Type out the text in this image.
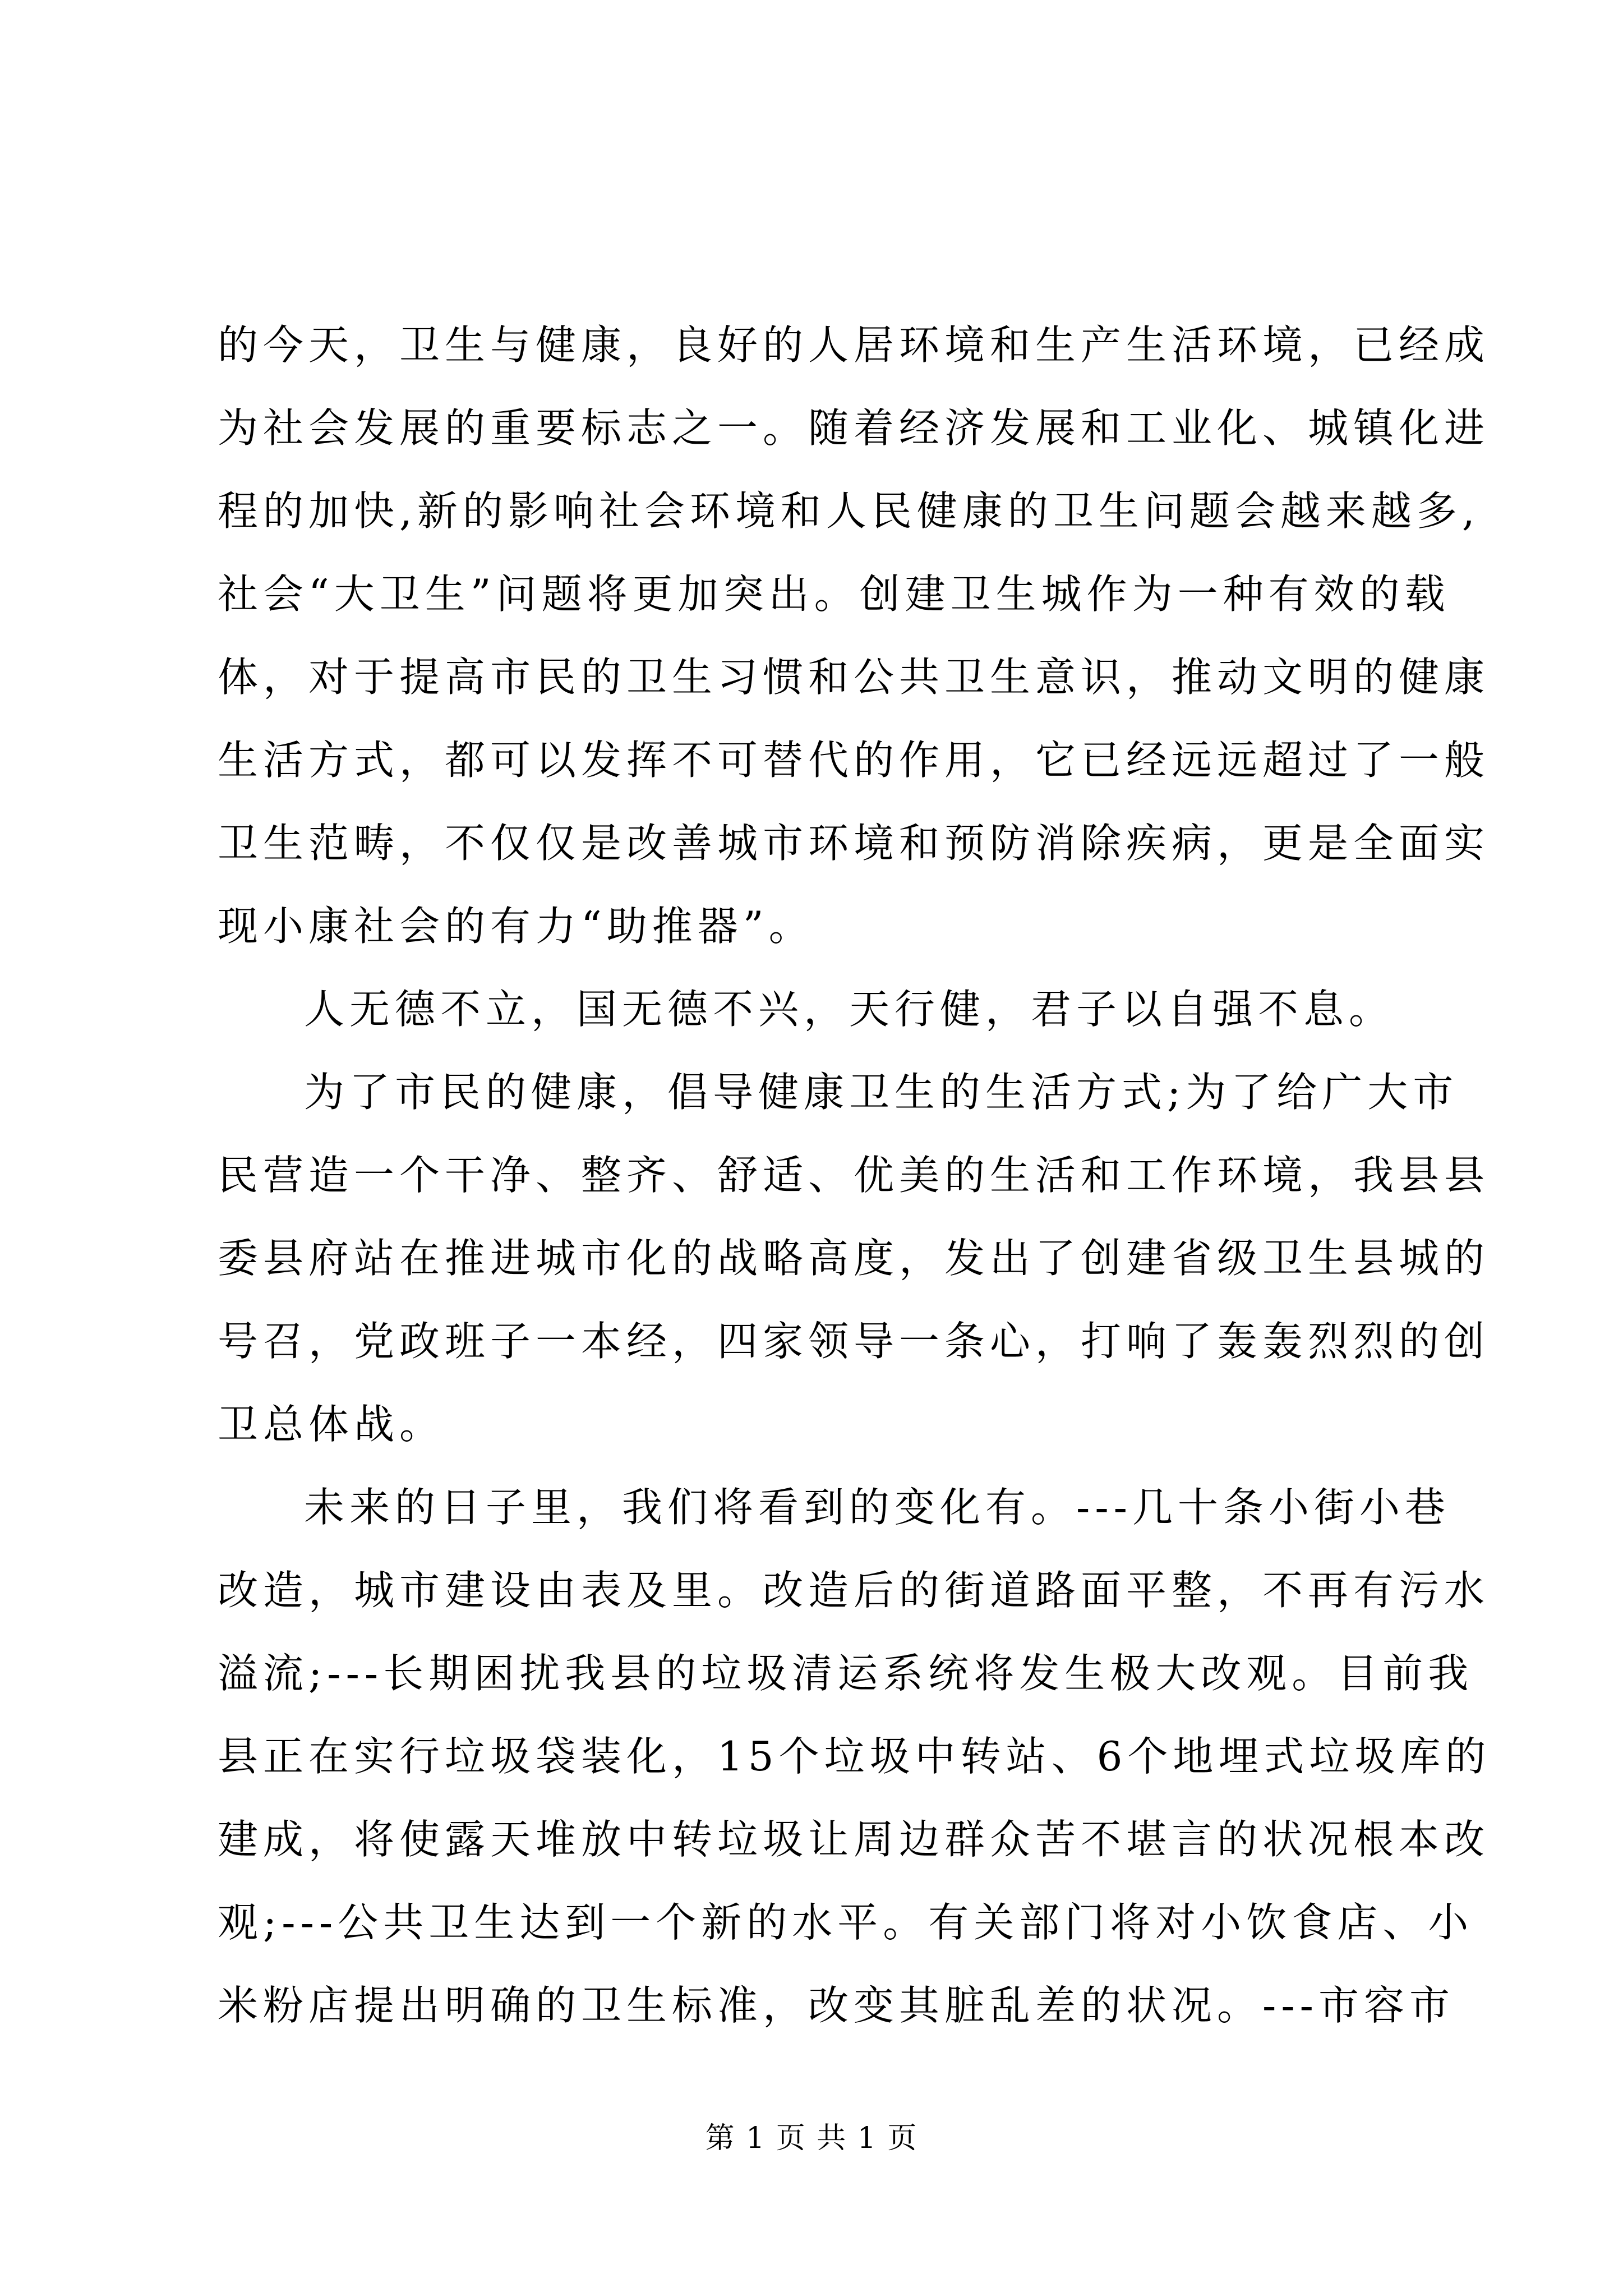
的今天，卫生与健康，良好的人居环境和生产生活环境，已经成
为社会发展的重要标志之一。随着经济发展和工业化、城镇化进
程的加快,新的影响社会环境和人民健康的卫生问题会越来越多,
社会“大卫生”问题将更加突出。创建卫生城作为一种有效的载
体，对于提高市民的卫生习惯和公共卫生意识，推动文明的健康
生活方式，都可以发挥不可替代的作用，它已经远远超过了一般
卫生范畴，不仅仅是改善城市环境和预防消除疾病，更是全面实
现小康社会的有力“助推器”。
人无德不立，国无德不兴，天行健，君子以自强不息。
为了市民的健康，倡导健康卫生的生活方式;为了给广大市
民营造一个干净、整齐、舒适、优美的生活和工作环境，我县县
委县府站在推进城市化的战略高度，发出了创建省级卫生县城的
号召，党政班子一本经，四家领导一条心，打响了轰轰烈烈的创
卫总体战。
未来的日子里，我们将看到的变化有。---几十条小街小巷
改造，城市建设由表及里。改造后的街道路面平整，不再有污水
溢流;---长期困扰我县的垃圾清运系统将发生极大改观。目前我
县正在实行垃圾袋装化，15个垃圾中转站、6个地埋式垃圾库的
建成，将使露天堆放中转垃圾让周边群众苦不堪言的状况根本改
观;---公共卫生达到一个新的水平。有关部门将对小饮食店、小
米粉店提出明确的卫生标准，改变其脏乱差的状况。---市容市
第 1 页 共 1 页
